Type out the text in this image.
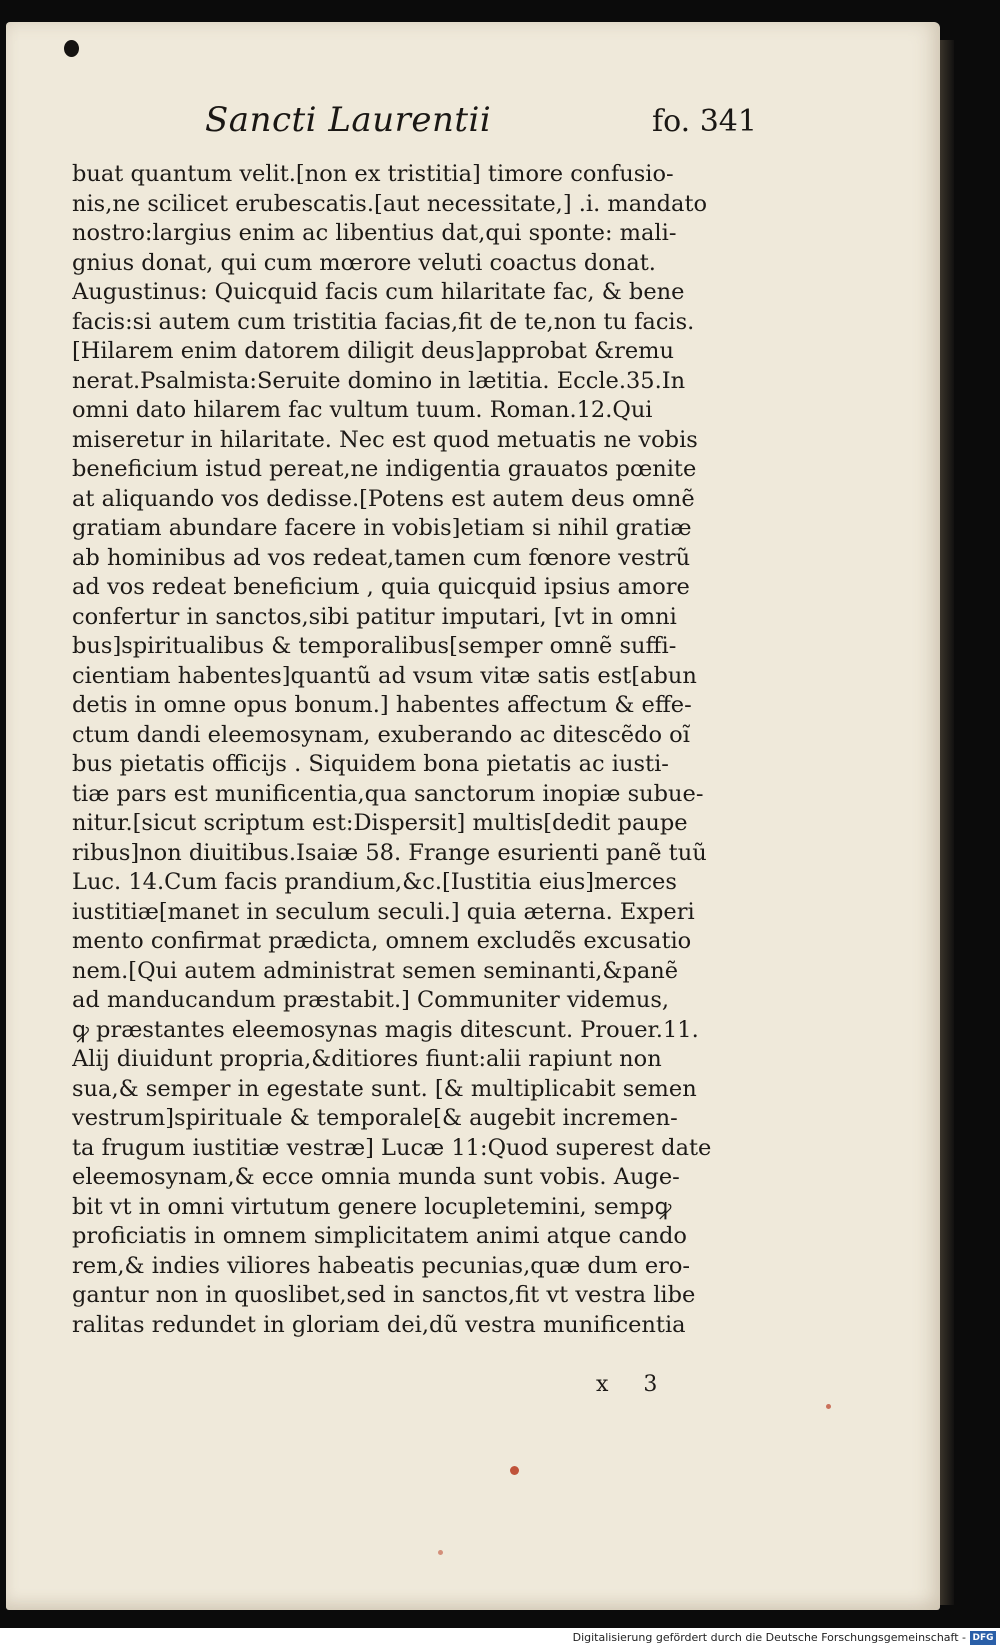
Sancti Laurentii	fo. 341
buat quantum velit.[non ex tristitia] timore confusio-
nis,ne scilicet erubescatis.[aut necessitate,] .i. mandato
nostro:largius enim ac libentius dat,qui sponte: mali-
gnius donat, qui cum mœrore veluti coactus donat.
Augustinus: Quicquid facis cum hilaritate fac, & bene
facis:si autem cum tristitia facias,fit de te,non tu facis.
[Hilarem enim datorem diligit deus]approbat &remu
nerat.Psalmista:Seruite domino in lætitia. Eccle.35.In
omni dato hilarem fac vultum tuum. Roman.12.Qui
miseretur in hilaritate. Nec est quod metuatis ne vobis
beneficium istud pereat,ne indigentia grauatos pœnite
at aliquando vos dedisse.[Potens est autem deus omnẽ
gratiam abundare facere in vobis]etiam si nihil gratiæ
ab hominibus ad vos redeat,tamen cum fœnore vestrũ
ad vos redeat beneficium , quia quicquid ipsius amore
confertur in sanctos,sibi patitur imputari, [vt in omni
bus]spiritualibus & temporalibus[semper omnẽ suffi-
cientiam habentes]quantũ ad vsum vitæ satis est[abun
detis in omne opus bonum.] habentes affectum & effe-
ctum dandi eleemosynam, exuberando ac ditescẽdo oĩ
bus pietatis officijs . Siquidem bona pietatis ac iusti-
tiæ pars est munificentia,qua sanctorum inopiæ subue-
nitur.[sicut scriptum est:Dispersit] multis[dedit paupe
ribus]non diuitibus.Isaiæ 58. Frange esurienti panẽ tuũ
Luc. 14.Cum facis prandium,&c.[Iustitia eius]merces
iustitiæ[manet in seculum seculi.] quia æterna. Experi
mento confirmat prædicta, omnem excludẽs excusatio
nem.[Qui autem administrat semen seminanti,&panẽ
ad manducandum præstabit.] Communiter videmus,
ꝙ præstantes eleemosynas magis ditescunt. Prouer.11.
Alij diuidunt propria,&ditiores fiunt:alii rapiunt non
sua,& semper in egestate sunt. [& multiplicabit semen
vestrum]spirituale & temporale[& augebit incremen-
ta frugum iustitiæ vestræ] Lucæ 11:Quod superest date
eleemosynam,& ecce omnia munda sunt vobis. Auge-
bit vt in omni virtutum genere locupletemini, sempꝙ
proficiatis in omnem simplicitatem animi atque cando
rem,& indies viliores habeatis pecunias,quæ dum ero-
gantur non in quoslibet,sed in sanctos,fit vt vestra libe
ralitas redundet in gloriam dei,dũ vestra munificentia
x 3
Digitalisierung gefördert durch die Deutsche Forschungsgemeinschaft - DFG
